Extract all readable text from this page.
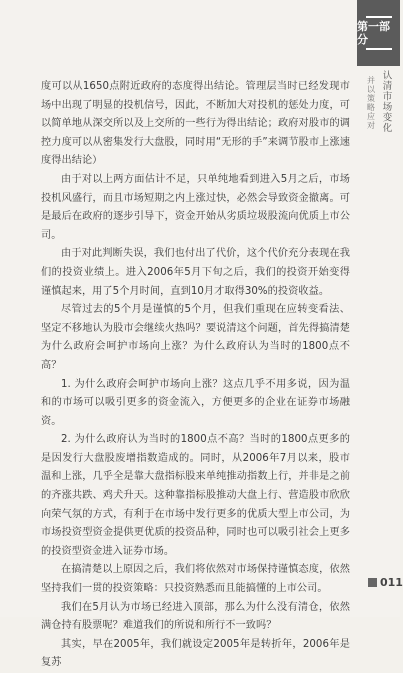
度可以从1650点附近政府的态度得出结论。管理层当时已经发现市场中出现了明显的投机信号，因此，不断加大对投机的惩处力度，可以简单地从深交所以及上交所的一些行为得出结论；政府对股市的调控力度可以从密集发行大盘股，同时用“无形的手”来调节股市上涨速度得出结论）

由于对以上两方面估计不足，只单纯地看到进入5月之后，市场投机风盛行，而且市场短期之内上涨过快，必然会导致资金撤离。可是最后在政府的逐步引导下，资金开始从劣质垃圾股流向优质上市公司。

由于对此判断失误，我们也付出了代价，这个代价充分表现在我们的投资业绩上。进入2006年5月下旬之后，我们的投资开始变得谨慎起来，用了5个月时间，直到10月才取得30%的投资收益。

尽管过去的5个月是谨慎的5个月，但我们重现在应转变看法、坚定不移地认为股市会继续火热吗？要说清这个问题，首先得搞清楚为什么政府会呵护市场向上涨？为什么政府认为当时的1800点不高？

1. 为什么政府会呵护市场向上涨？这点几乎不用多说，因为温和的市场可以吸引更多的资金流入，方便更多的企业在证券市场融资。

2. 为什么政府认为当时的1800点不高？当时的1800点更多的是因发行大盘股废增指数造成的。同时，从2006年7月以来，股市温和上涨，几乎全是靠大盘指标股来单纯推动指数上行，并非是之前的齐涨共跌、鸡犬升天。这种靠指标股推动大盘上行、营造股市欣欣向荣气氛的方式，有利于在市场中发行更多的优质大型上市公司，为市场投资型资金提供更优质的投资品种，同时也可以吸引社会上更多的投资型资金进入证券市场。

在搞清楚以上原因之后，我们将依然对市场保持谨慎态度，依然坚持我们一贯的投资策略：只投资熟悉而且能搞懂的上市公司。

我们在5月认为市场已经进入顶部，那么为什么没有清仓，依然满仓持有股票呢？难道我们的所说和所行不一致吗？

其实，早在2005年，我们就设定2005年是转折年，2006年是复苏

第一部分
并以策略应对 认清市场变化
011
